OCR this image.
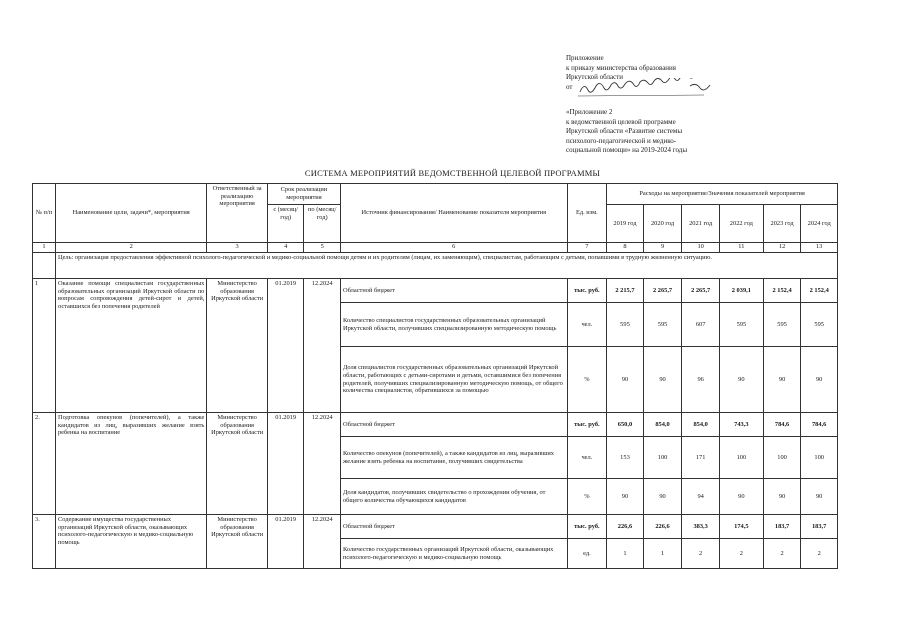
Приложение
к приказу министерства образования
Иркутской области
от
«Приложение 2
к ведомственной целевой программе
Иркутской области «Развитие системы
психолого-педагогической и медико-
социальной помощи» на 2019-2024 годы
СИСТЕМА МЕРОПРИЯТИЙ ВЕДОМСТВЕННОЙ ЦЕЛЕВОЙ ПРОГРАММЫ
№ п/п	Наименование цели, задачи*, мероприятия	Ответственный за реализацию мероприятия	Срок реализации мероприятия		Источник финансирования/ Наименование показателя мероприятия	Ед. изм.	Расходы на мероприятие/Значения показателей мероприятия					
			с (месяц/год)	по (месяц/год)			2019 год	2020 год	2021 год	2022 год	2023 год	2024 год

1	2	3	4	5	6	7	8	9	10	11	12	13
	Цель: организация предоставления эффективной психолого-педагогической и медико-социальной помощи детям и их родителям (лицам, их заменяющим), специалистам, работающим с детьми, попавшими в трудную жизненную ситуацию.											
1	Оказание помощи специалистам государственных образовательных организаций Иркутской области по вопросам сопровождения детей-сирот и детей, оставшихся без попечения родителей	Министерство образования Иркутской области	01.2019	12.2024	Областной бюджет	тыс. руб.	2 215,7	2 265,7	2 265,7	2 039,1	2 152,4	2 152,4
					Количество специалистов государственных образовательных организаций Иркутской области, получивших специализированную методическую помощь	чел.	595	595	607	595	595	595
					Доля специалистов государственных образовательных организаций Иркутской области, работающих с детьми-сиротами и детьми, оставшимися без попечения родителей, получивших специализированную методическую помощь, от общего количества специалистов, обратившихся за помощью	%	90	90	96	90	90	90
2.	Подготовка опекунов (попечителей), а также кандидатов из лиц, выразивших желание взять ребенка на воспитание	Министерство образования Иркутской области	01.2019	12.2024	Областной бюджет	тыс. руб.	650,0	854,0	854,0	743,3	784,6	784,6
					Количество опекунов (попечителей), а также кандидатов из лиц, выразивших желание взять ребенка на воспитание, получивших свидетельства	чел.	153	100	171	100	100	100
					Доля кандидатов, получивших свидетельство о прохождении обучения, от общего количества обучающихся кандидатов	%	90	90	94	90	90	90
3.	Содержание имущества государственных организаций Иркутской области, оказывающих психолого-педагогическую и медико-социальную помощь	Министерство образования Иркутской области	01.2019	12.2024	Областной бюджет	тыс. руб.	226,6	226,6	383,3	174,5	183,7	183,7
					Количество государственных организаций Иркутской области, оказывающих психолого-педагогическую и медико-социальную помощь	ед.	1	1	2	2	2	2
